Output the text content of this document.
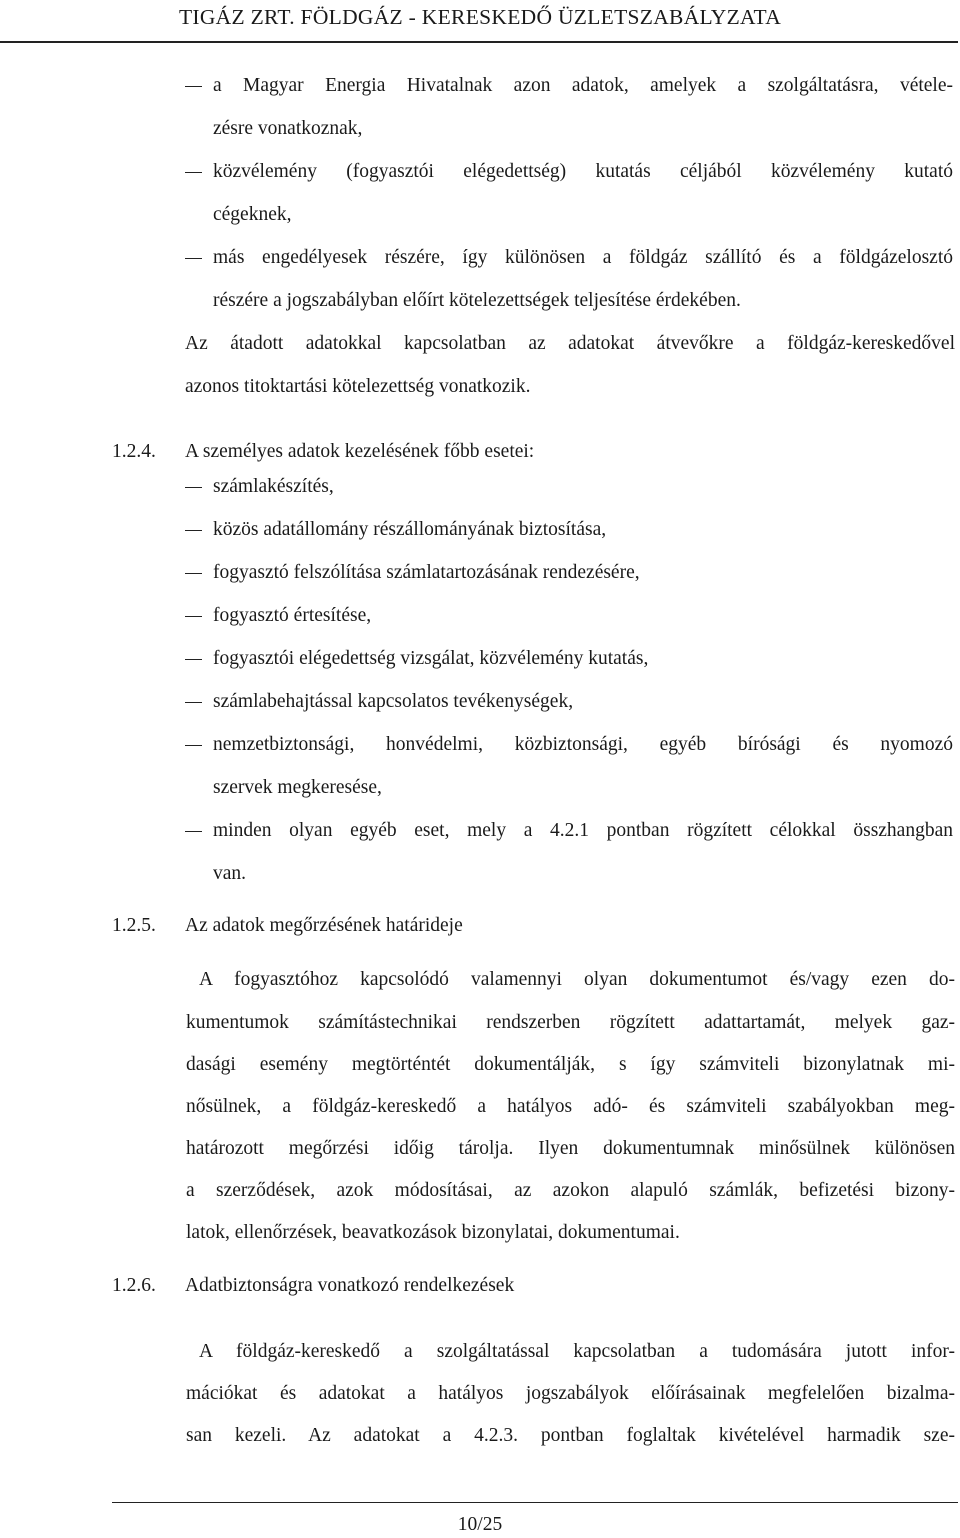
TIGÁZ ZRT. FÖLDGÁZ - KERESKEDŐ ÜZLETSZABÁLYZATA
a Magyar Energia Hivatalnak azon adatok, amelyek a szolgáltatásra, vétele-
zésre vonatkoznak,
közvélemény (fogyasztói elégedettség) kutatás céljából közvélemény kutató
cégeknek,
más engedélyesek részére, így különösen a földgáz szállító és a földgázelosztó
részére a jogszabályban előírt kötelezettségek teljesítése érdekében.
Az átadott adatokkal kapcsolatban az adatokat átvevőkre a földgáz-kereskedővel
azonos titoktartási kötelezettség vonatkozik.
1.2.4. A személyes adatok kezelésének főbb esetei:
számlakészítés,
közös adatállomány részállományának biztosítása,
fogyasztó felszólítása számlatartozásának rendezésére,
fogyasztó értesítése,
fogyasztói elégedettség vizsgálat, közvélemény kutatás,
számlabehajtással kapcsolatos tevékenységek,
nemzetbiztonsági, honvédelmi, közbiztonsági, egyéb bírósági és nyomozó
szervek megkeresése,
minden olyan egyéb eset, mely a 4.2.1 pontban rögzített célokkal összhangban
van.
1.2.5. Az adatok megőrzésének határideje
A fogyasztóhoz kapcsolódó valamennyi olyan dokumentumot és/vagy ezen do-
kumentumok számítástechnikai rendszerben rögzített adattartamát, melyek gaz-
dasági esemény megtörténtét dokumentálják, s így számviteli bizonylatnak mi-
nősülnek, a földgáz-kereskedő a hatályos adó- és számviteli szabályokban meg-
határozott megőrzési időig tárolja. Ilyen dokumentumnak minősülnek különösen
a szerződések, azok módosításai, az azokon alapuló számlák, befizetési bizony-
latok, ellenőrzések, beavatkozások bizonylatai, dokumentumai.
1.2.6. Adatbiztonságra vonatkozó rendelkezések
A földgáz-kereskedő a szolgáltatással kapcsolatban a tudomására jutott infor-
mációkat és adatokat a hatályos jogszabályok előírásainak megfelelően bizalma-
san kezeli. Az adatokat a 4.2.3. pontban foglaltak kivételével harmadik sze-
10/25
